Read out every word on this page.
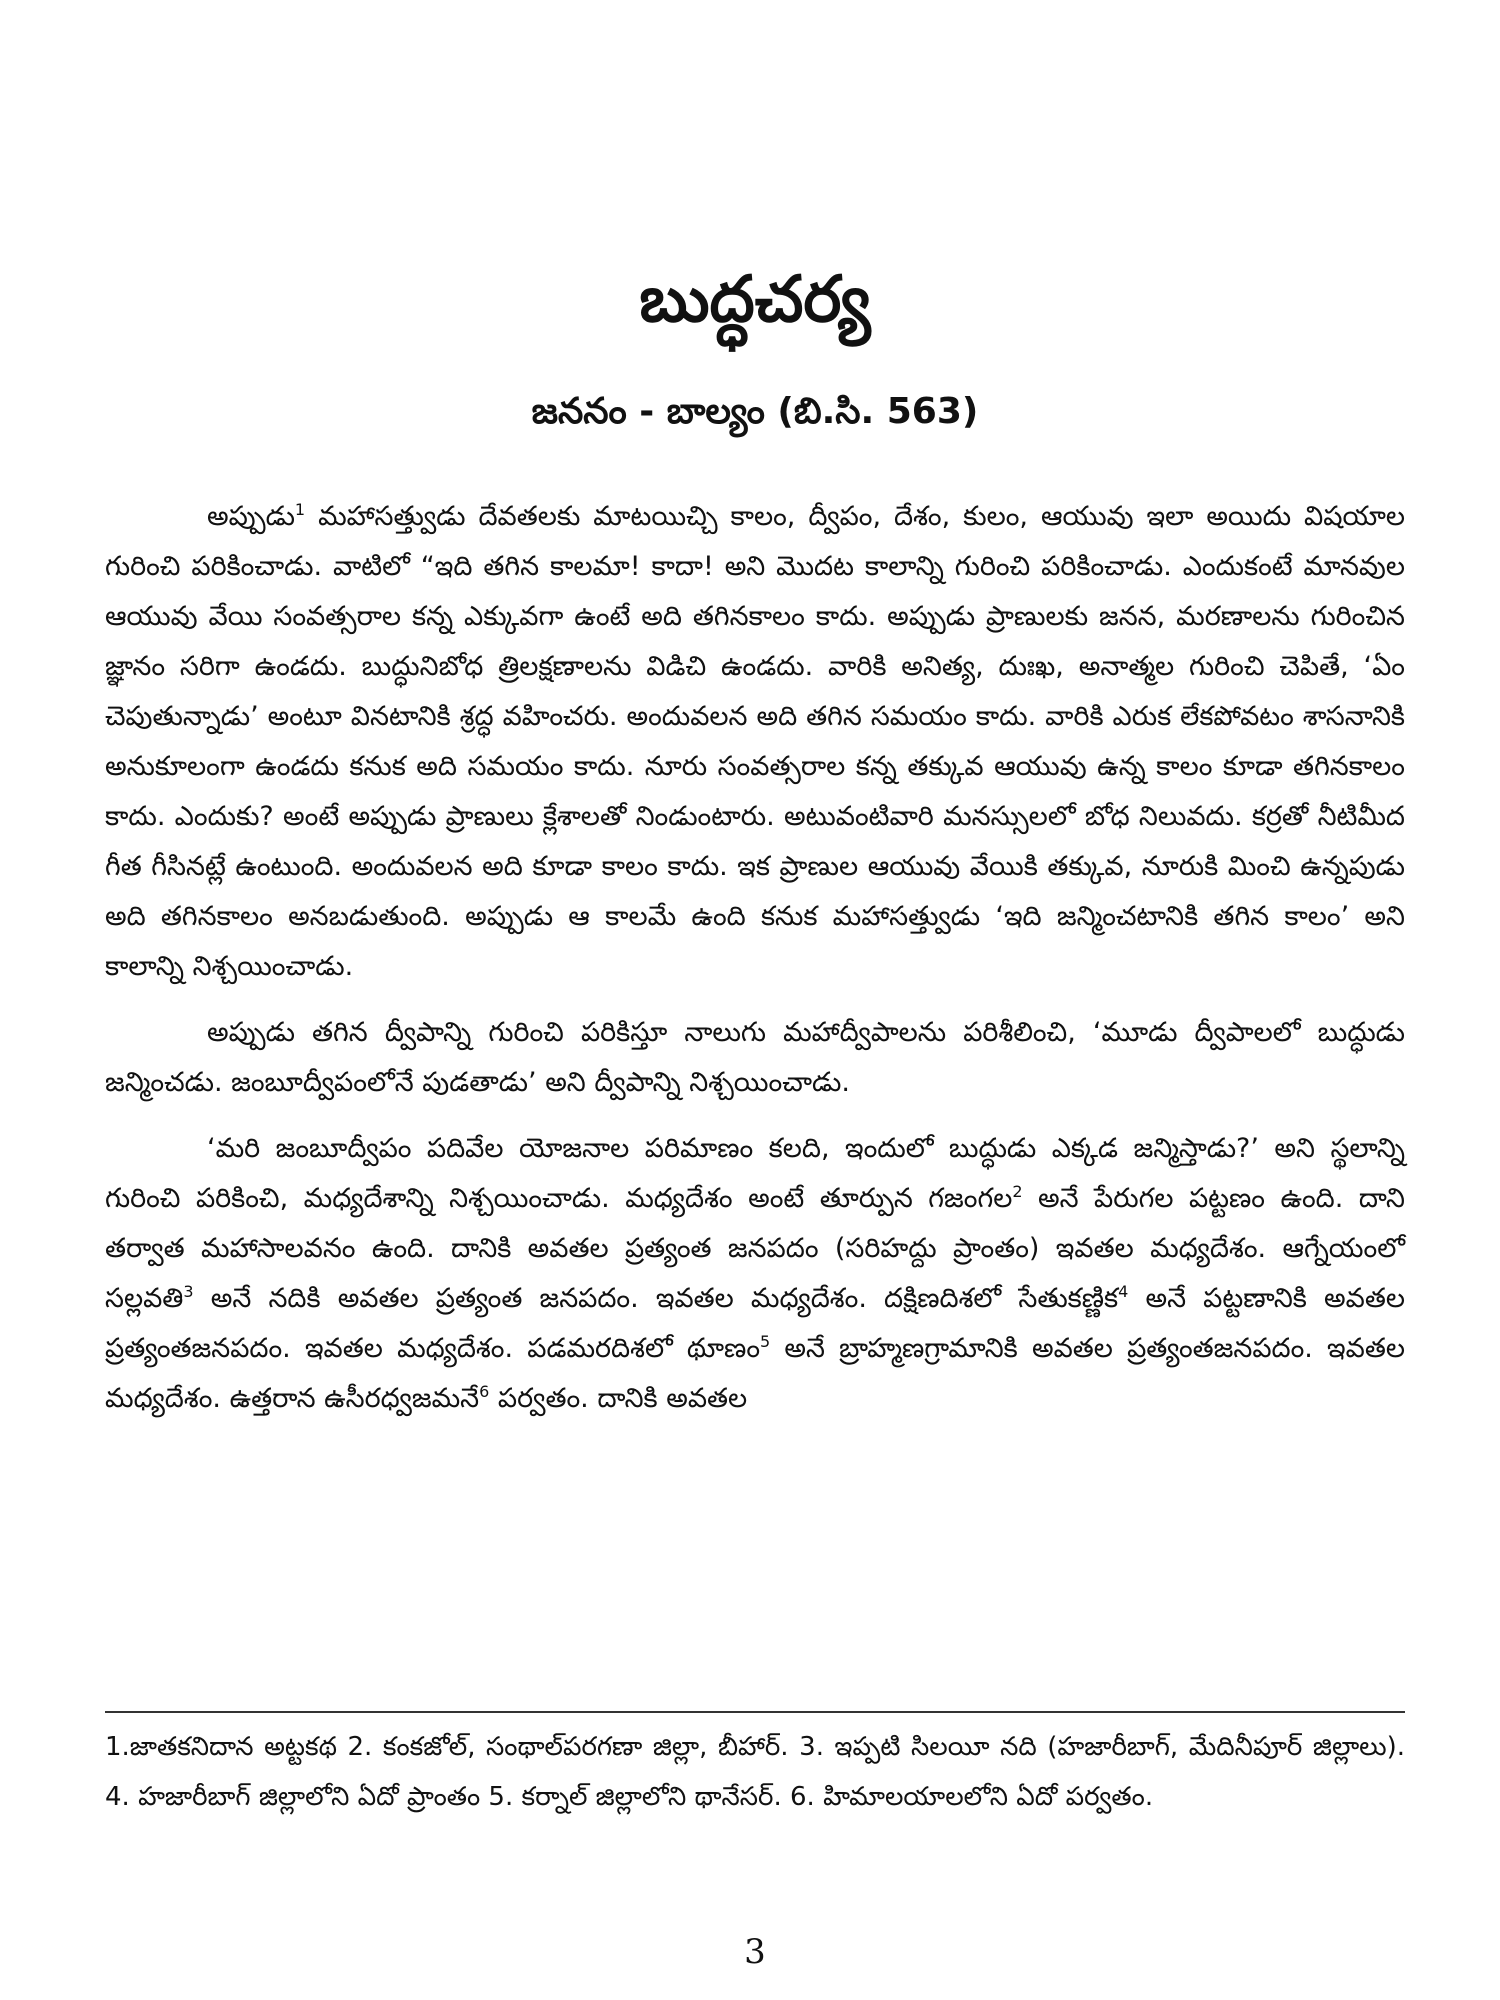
బుద్ధచర్య
జననం - బాల్యం (బి.సి. 563)

అప్పుడు$^1$ మహాసత్త్వుడు దేవతలకు మాటయిచ్చి కాలం, ద్వీపం, దేశం, కులం, ఆయువు ఇలా అయిదు విషయాల గురించి పరికించాడు. వాటిలో “ఇది తగిన కాలమా! కాదా! అని మొదట కాలాన్ని గురించి పరికించాడు. ఎందుకంటే మానవుల ఆయువు వేయి సంవత్సరాల కన్న ఎక్కువగా ఉంటే అది తగినకాలం కాదు. అప్పుడు ప్రాణులకు జనన, మరణాలను గురించిన జ్ఞానం సరిగా ఉండదు. బుద్ధునిబోధ త్రిలక్షణాలను విడిచి ఉండదు. వారికి అనిత్య, దుఃఖ, అనాత్మల గురించి చెపితే, ‘ఏం చెపుతున్నాడు’ అంటూ వినటానికి శ్రద్ధ వహించరు. అందువలన అది తగిన సమయం కాదు. వారికి ఎరుక లేకపోవటం శాసనానికి అనుకూలంగా ఉండదు కనుక అది సమయం కాదు. నూరు సంవత్సరాల కన్న తక్కువ ఆయువు ఉన్న కాలం కూడా తగినకాలం కాదు. ఎందుకు? అంటే అప్పుడు ప్రాణులు క్లేశాలతో నిండుంటారు. అటువంటివారి మనస్సులలో బోధ నిలువదు. కర్రతో నీటిమీద గీత గీసినట్లే ఉంటుంది. అందువలన అది కూడా కాలం కాదు. ఇక ప్రాణుల ఆయువు వేయికి తక్కువ, నూరుకి మించి ఉన్నపుడు అది తగినకాలం అనబడుతుంది. అప్పుడు ఆ కాలమే ఉంది కనుక మహాసత్త్వుడు ‘ఇది జన్మించటానికి తగిన కాలం’ అని కాలాన్ని నిశ్చయించాడు.

అప్పుడు తగిన ద్వీపాన్ని గురించి పరికిస్తూ నాలుగు మహాద్వీపాలను పరిశీలించి, ‘మూడు ద్వీపాలలో బుద్ధుడు జన్మించడు. జంబూద్వీపంలోనే పుడతాడు’ అని ద్వీపాన్ని నిశ్చయించాడు.

‘మరి జంబూద్వీపం పదివేల యోజనాల పరిమాణం కలది, ఇందులో బుద్ధుడు ఎక్కడ జన్మిస్తాడు?’ అని స్థలాన్ని గురించి పరికించి, మధ్యదేశాన్ని నిశ్చయించాడు. మధ్యదేశం అంటే తూర్పున గజంగల$^2$ అనే పేరుగల పట్టణం ఉంది. దాని తర్వాత మహాసాలవనం ఉంది. దానికి అవతల ప్రత్యంత జనపదం (సరిహద్దు ప్రాంతం) ఇవతల మధ్యదేశం. ఆగ్నేయంలో సల్లవతి$^3$ అనే నదికి అవతల ప్రత్యంత జనపదం. ఇవతల మధ్యదేశం. దక్షిణదిశలో సేతుకణ్ణిక$^4$ అనే పట్టణానికి అవతల ప్రత్యంతజనపదం. ఇవతల మధ్యదేశం. పడమరదిశలో థూణం$^5$ అనే బ్రాహ్మణగ్రామానికి అవతల ప్రత్యంతజనపదం. ఇవతల మధ్యదేశం. ఉత్తరాన ఉసీరధ్వజమనే$^6$ పర్వతం. దానికి అవతల

1.జాతకనిదాన అట్టకథ 2. కంకజోల్, సంథాల్‌పరగణా జిల్లా, బీహార్. 3. ఇప్పటి సిలయీ నది (హజారీబాగ్, మేదినీపూర్ జిల్లాలు). 4. హజారీబాగ్ జిల్లాలోని ఏదో ప్రాంతం 5. కర్నాల్ జిల్లాలోని థానేసర్. 6. హిమాలయాలలోని ఏదో పర్వతం.

3
